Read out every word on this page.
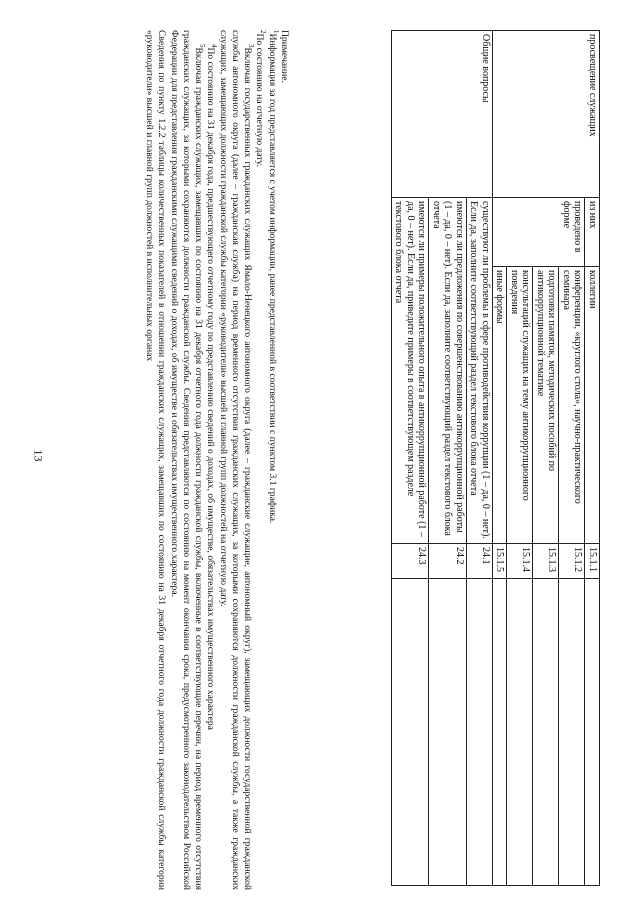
13
просвещение служащих	из них	коллегии	15.1.1	
	проведено в форме	конференции, «круглого стола», научно-практического семинара	15.1.2	
		подготовки памяток, методических пособий по антикоррупционной тематике	15.1.3	
		консультаций служащих на тему антикоррупционного поведения	15.1.4	
		иные формы	15.1.5	
Общие вопросы	существуют ли проблемы в сфере противодействия коррупции (1 – да, 0 – нет). Если да, заполните соответствующий раздел текстового блока отчета		24.1	
	имеются ли предложения по совершенствованию антикоррупционной работы (1 – да, 0 – нет). Если да, заполните соответствующий раздел текстового блока отчета		24.2	
	имеются ли примеры положительного опыта в антикоррупционной работе (1 – да, 0 – нет). Если да, приведите примеры в соответствующем разделе текстового блока отчета		24.3	

Примечание.

$^1$Информация за год представляется с учетом информации, ранее представленной в соответствии с пунктом 3.1 графика.

$^2$По состоянию на отчетную дату.

$^3$Включая государственных гражданских служащих Ямало-Ненецкого автономного округа (далее – гражданские служащие, автономный округ), замещающих должности государственной гражданской службы автономного округа (далее – гражданская служба) на период временного отсутствия гражданских служащих, за которыми сохраняются должности гражданской службы, а также гражданских служащих, замещающих должности гражданской службы категории «руководители» высшей и главной групп должностей на отчетную дату.

$^4$По состоянию на 31 декабря года, предшествующего отчетному году по представлению сведений о доходах, об имуществе, обязательствах имущественного характера

$^5$Включая гражданских служащих, замещавших по состоянию на 31 декабря отчетного года должности гражданской службы, включенные в соответствующие перечни, на период временного отсутствия гражданских служащих, за которыми сохраняются должности гражданской службы. Сведения представляются по состоянию на момент окончания срока, предусмотренного законодательством Российской Федерации для представления гражданскими служащими сведений о доходах, об имуществе и обязательствах имущественного характера.

Сведения по пункту 1.2.2 таблицы количественных показателей в отношении гражданских служащих, замещавших по состоянию на 31 декабря отчетного года должности гражданской службы категории «руководители» высшей и главной групп должностей в исполнительных органах
